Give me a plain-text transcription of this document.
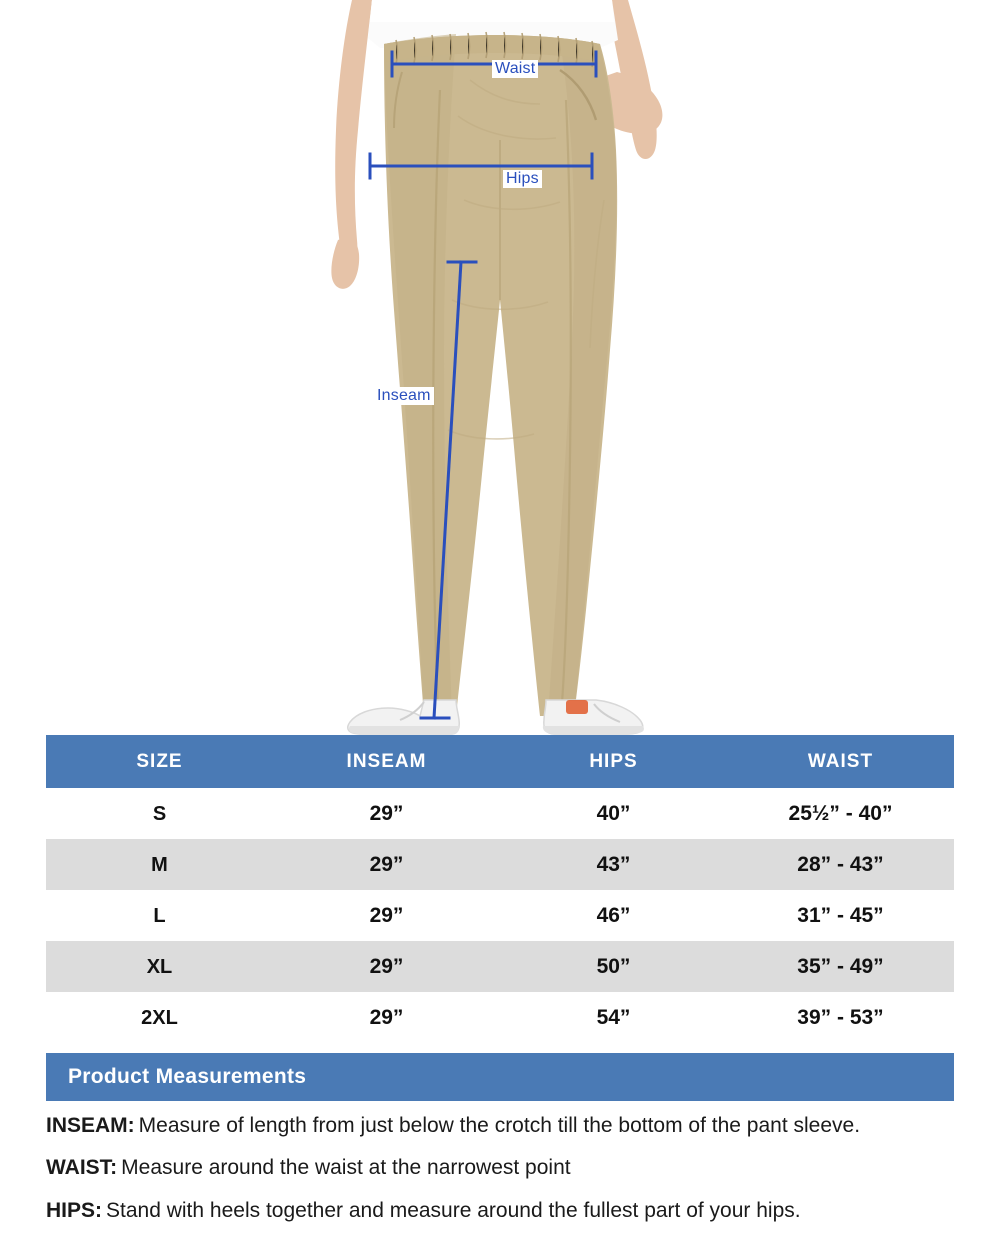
Waist
Hips
Inseam
SIZE	INSEAM	HIPS	WAIST
S	29”	40”	25½” - 40”
M	29”	43”	28” - 43”
L	29”	46”	31” - 45”
XL	29”	50”	35” - 49”
2XL	29”	54”	39” - 53”
Product Measurements
INSEAM: Measure of length from just below the crotch till the bottom of the pant sleeve.
WAIST: Measure around the waist at the narrowest point
HIPS: Stand with heels together and measure around the fullest part of your hips.
